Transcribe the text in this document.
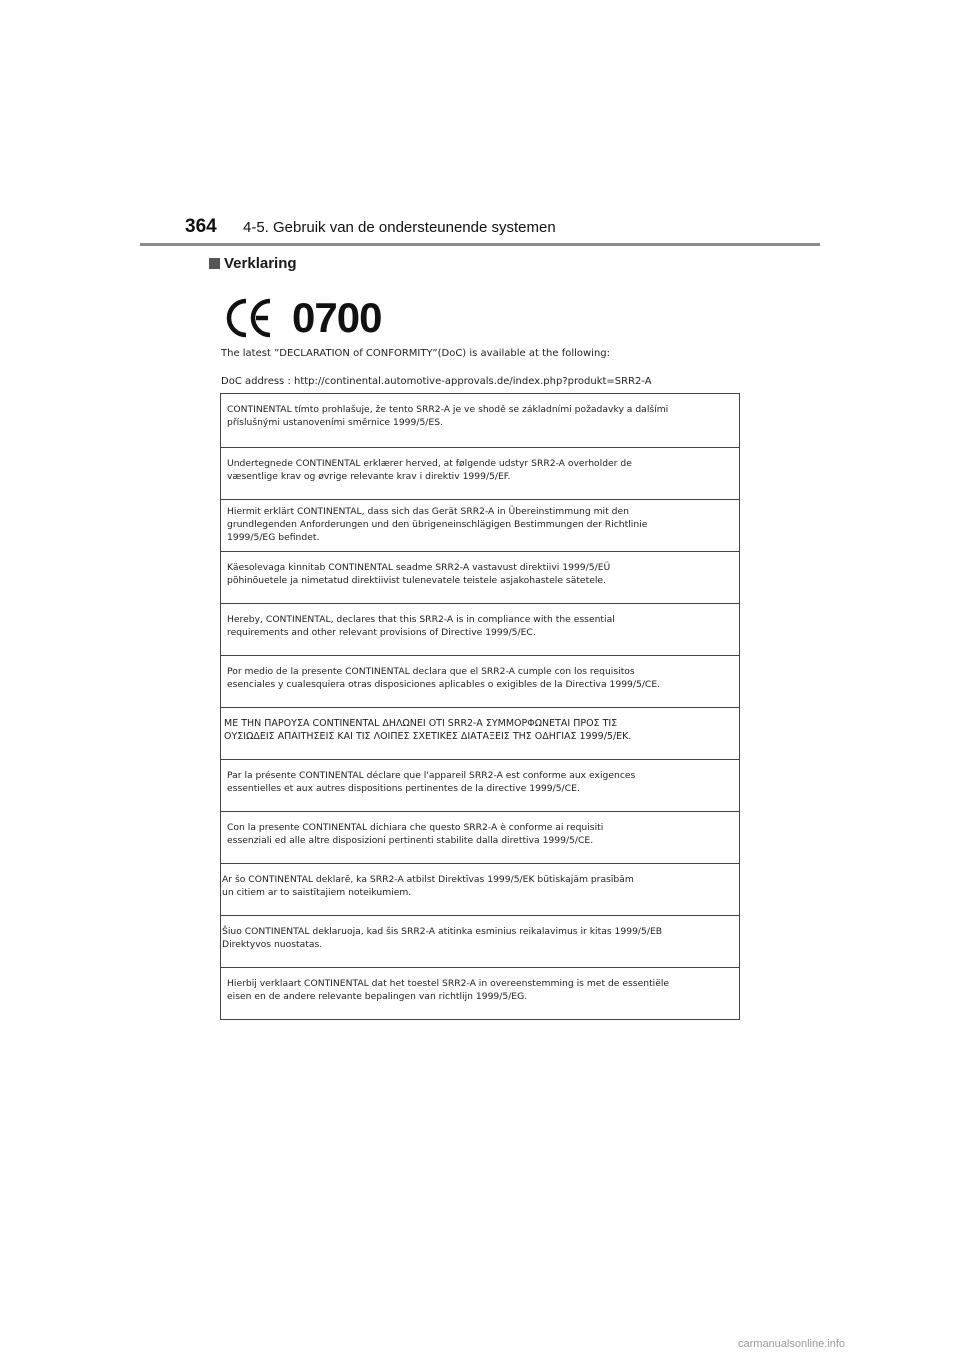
364	4-5. Gebruik van de ondersteunende systemen
Verklaring
0700
The latest ”DECLARATION of CONFORMITY”(DoC) is available at the following:
DoC address : http://continental.automotive-approvals.de/index.php?produkt=SRR2-A
CONTINENTAL tímto prohlašuje, že tento SRR2-A je ve shodě se základními požadavky a dalšími
příslušnými ustanoveními směrnice 1999/5/ES.
Undertegnede CONTINENTAL erklærer herved, at følgende udstyr SRR2-A overholder de
væsentlige krav og øvrige relevante krav i direktiv 1999/5/EF.
Hiermit erklärt CONTINENTAL, dass sich das Gerät SRR2-A in Übereinstimmung mit den
grundlegenden Anforderungen und den übrigeneinschlägigen Bestimmungen der Richtlinie
1999/5/EG befindet.
Käesolevaga kinnitab CONTINENTAL seadme SRR2-A vastavust direktiivi 1999/5/EÜ
põhinõuetele ja nimetatud direktiivist tulenevatele teistele asjakohastele sätetele.
Hereby, CONTINENTAL, declares that this SRR2-A is in compliance with the essential
requirements and other relevant provisions of Directive 1999/5/EC.
Por medio de la presente CONTINENTAL declara que el SRR2-A cumple con los requisitos
esenciales y cualesquiera otras disposiciones aplicables o exigibles de la Directiva 1999/5/CE.
ΜΕ ΤΗΝ ΠΑΡΟΥΣΑ CONTINENTAL ΔΗΛΩΝΕΙ ΟΤΙ SRR2-A ΣΥΜΜΟΡΦΩΝΕΤΑΙ ΠΡΟΣ ΤΙΣ
ΟΥΣΙΩΔΕΙΣ ΑΠΑΙΤΗΣΕΙΣ ΚΑΙ ΤΙΣ ΛΟΙΠΕΣ ΣΧΕΤΙΚΕΣ ΔΙΑΤΑΞΕΙΣ ΤΗΣ ΟΔΗΓΙΑΣ 1999/5/ΕΚ.
Par la présente CONTINENTAL déclare que l'appareil SRR2-A est conforme aux exigences
essentielles et aux autres dispositions pertinentes de la directive 1999/5/CE.
Con la presente CONTINENTAL dichiara che questo SRR2-A è conforme ai requisiti
essenziali ed alle altre disposizioni pertinenti stabilite dalla direttiva 1999/5/CE.
Ar šo CONTINENTAL deklarē, ka SRR2-A atbilst Direktīvas 1999/5/EK būtiskajām prasībām
un citiem ar to saistītajiem noteikumiem.
Šiuo CONTINENTAL deklaruoja, kad šis SRR2-A atitinka esminius reikalavimus ir kitas 1999/5/EB
Direktyvos nuostatas.
Hierbij verklaart CONTINENTAL dat het toestel SRR2-A in overeenstemming is met de essentiële
eisen en de andere relevante bepalingen van richtlijn 1999/5/EG.
carmanualsonline.info
